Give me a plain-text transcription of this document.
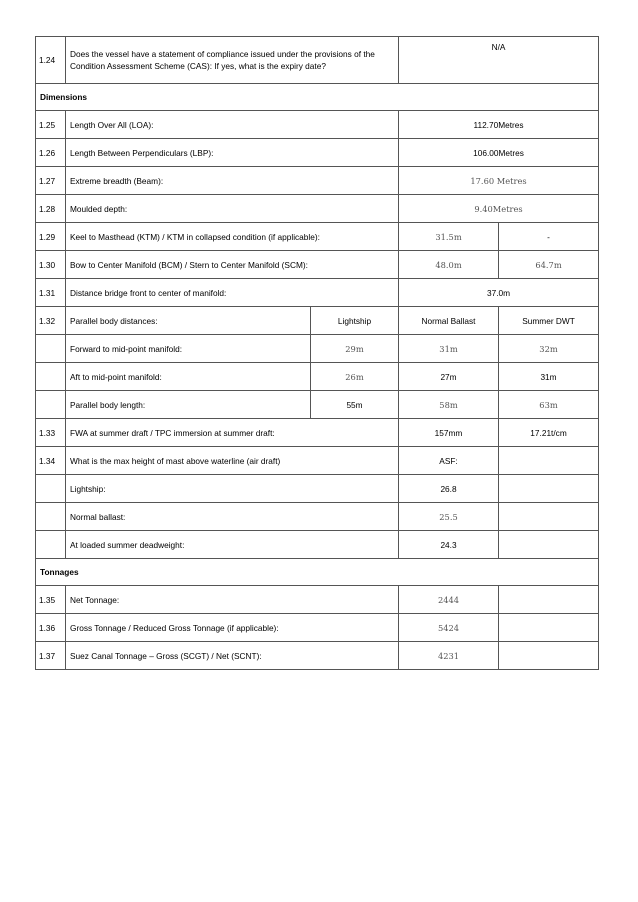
1.24	Does the vessel have a statement of compliance issued under the provisions of the Condition Assessment Scheme (CAS): If yes, what is the expiry date?		N/A	
Dimensions				
1.25	Length Over All (LOA):		112.70Metres	
1.26	Length Between Perpendiculars (LBP):		106.00Metres	
1.27	Extreme breadth (Beam):		17.60 Metres	
1.28	Moulded depth:		9.40Metres	
1.29	Keel to Masthead (KTM) / KTM in collapsed condition (if applicable):		31.5m	-
1.30	Bow to Center Manifold (BCM) / Stern to Center Manifold (SCM):		48.0m	64.7m
1.31	Distance bridge front to center of manifold:		37.0m	
1.32	Parallel body distances:	Lightship	Normal Ballast	Summer DWT
	Forward to mid-point manifold:	29m	31m	32m
	Aft to mid-point manifold:	26m	27m	31m
	Parallel body length:	55m	58m	63m
1.33	FWA at summer draft / TPC immersion at summer draft:		157mm	17.21t/cm
1.34	What is the max height of mast above waterline (air draft)		ASF:	
	Lightship:		26.8	
	Normal ballast:		25.5	
	At loaded summer deadweight:		24.3	
Tonnages				
1.35	Net Tonnage:		2444	
1.36	Gross Tonnage / Reduced Gross Tonnage (if applicable):		5424	
1.37	Suez Canal Tonnage – Gross (SCGT) / Net (SCNT):		4231	
